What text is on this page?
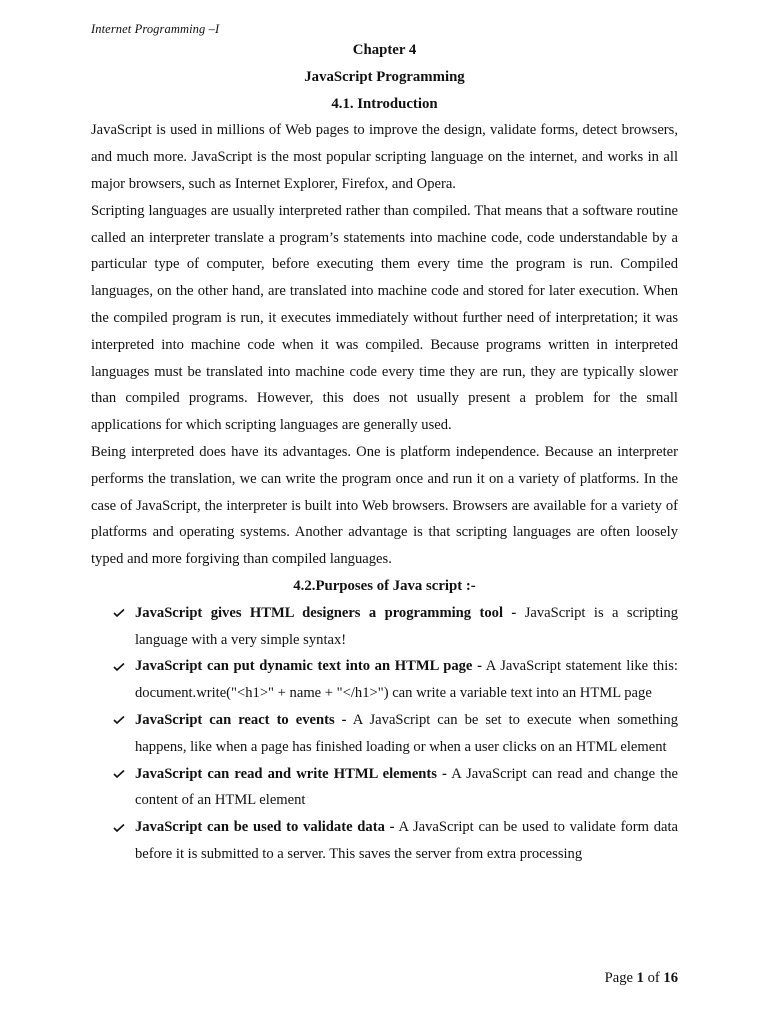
Internet Programming –I
Chapter 4
JavaScript Programming
4.1. Introduction

JavaScript is used in millions of Web pages to improve the design, validate forms, detect browsers, and much more. JavaScript is the most popular scripting language on the internet, and works in all major browsers, such as Internet Explorer, Firefox, and Opera.

Scripting languages are usually interpreted rather than compiled. That means that a software routine called an interpreter translate a program’s statements into machine code, code understandable by a particular type of computer, before executing them every time the program is run. Compiled languages, on the other hand, are translated into machine code and stored for later execution. When the compiled program is run, it executes immediately without further need of interpretation; it was interpreted into machine code when it was compiled. Because programs written in interpreted languages must be translated into machine code every time they are run, they are typically slower than compiled programs. However, this does not usually present a problem for the small applications for which scripting languages are generally used.

Being interpreted does have its advantages. One is platform independence. Because an interpreter performs the translation, we can write the program once and run it on a variety of platforms. In the case of JavaScript, the interpreter is built into Web browsers. Browsers are available for a variety of platforms and operating systems. Another advantage is that scripting languages are often loosely typed and more forgiving than compiled languages.

4.2.Purposes of Java script :-
JavaScript gives HTML designers a programming tool - JavaScript is a scripting language with a very simple syntax!
JavaScript can put dynamic text into an HTML page - A JavaScript statement like this: document.write("<h1>" + name + "</h1>") can write a variable text into an HTML page
JavaScript can react to events - A JavaScript can be set to execute when something happens, like when a page has finished loading or when a user clicks on an HTML element
JavaScript can read and write HTML elements - A JavaScript can read and change the content of an HTML element
JavaScript can be used to validate data - A JavaScript can be used to validate form data before it is submitted to a server. This saves the server from extra processing
Page 1 of 16
